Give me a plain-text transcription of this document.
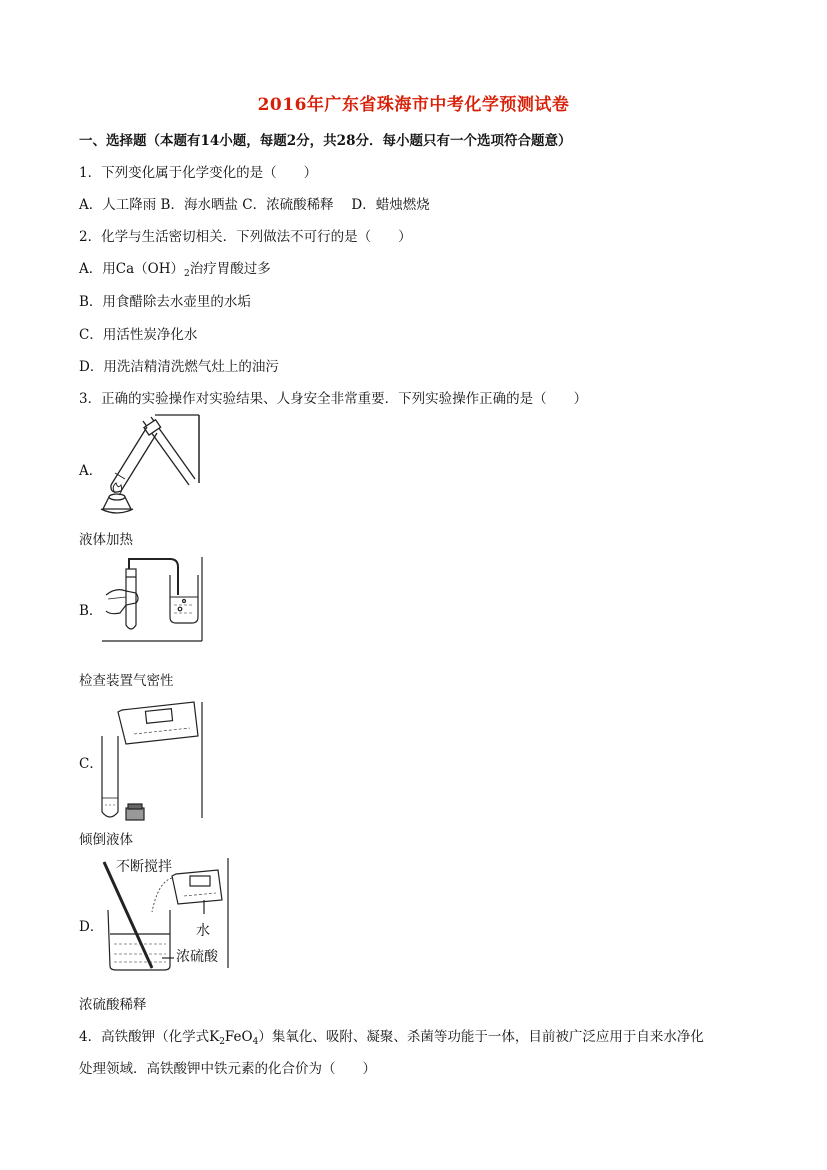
2016年广东省珠海市中考化学预测试卷
一、选择题（本题有14小题，每题2分，共28分．每小题只有一个选项符合题意）
1．下列变化属于化学变化的是（　　）
A．人工降雨 B．海水晒盐 C．浓硫酸稀释　 D．蜡烛燃烧
2．化学与生活密切相关．下列做法不可行的是（　　）
A．用$Ca(OH)_2$治疗胃酸过多
B．用食醋除去水壶里的水垢
C．用活性炭净化水
D．用洗洁精清洗燃气灶上的油污
3．正确的实验操作对实验结果、人身安全非常重要．下列实验操作正确的是（　　）
A．
液体加热
B．
检查装置气密性
C．
倾倒液体
D．
不断搅拌
水
浓硫酸
浓硫酸稀释
4．高铁酸钾（化学式$K_2FeO_4$）集氧化、吸附、凝聚、杀菌等功能于一体，目前被广泛应用于自来水净化
处理领域．高铁酸钾中铁元素的化合价为（　　）
